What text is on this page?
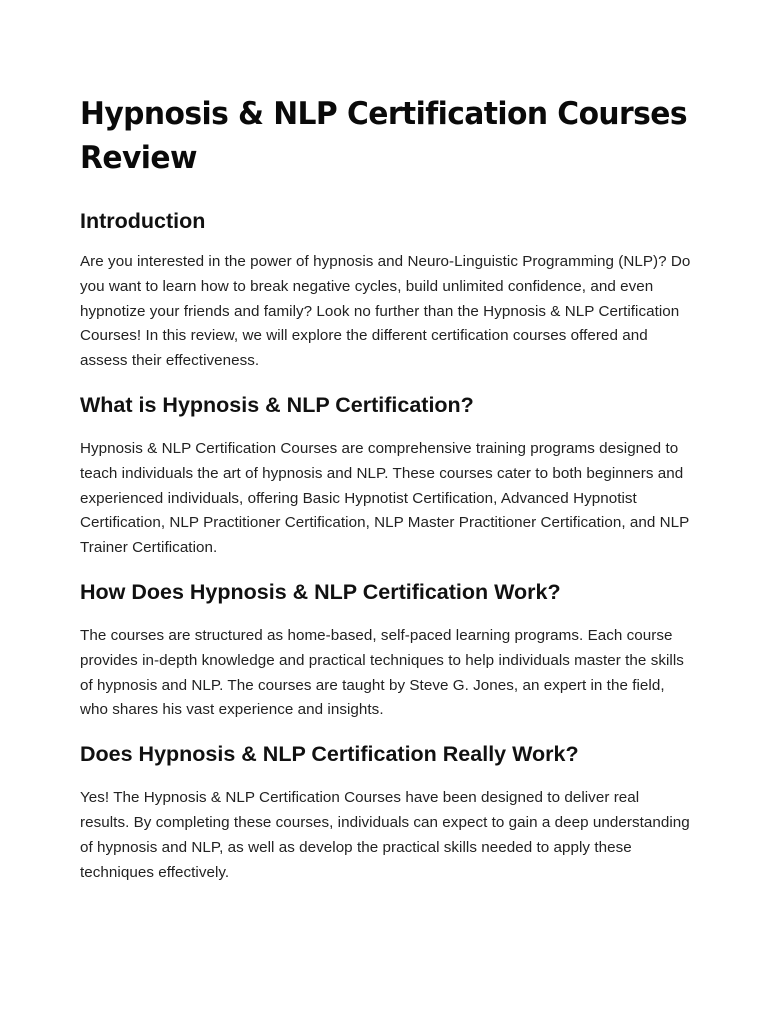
Hypnosis & NLP Certification Courses Review
Introduction

Are you interested in the power of hypnosis and Neuro-Linguistic Programming (NLP)? Do you want to learn how to break negative cycles, build unlimited confidence, and even hypnotize your friends and family? Look no further than the Hypnosis & NLP Certification Courses! In this review, we will explore the different certification courses offered and assess their effectiveness.

What is Hypnosis & NLP Certification?

Hypnosis & NLP Certification Courses are comprehensive training programs designed to teach individuals the art of hypnosis and NLP. These courses cater to both beginners and experienced individuals, offering Basic Hypnotist Certification, Advanced Hypnotist Certification, NLP Practitioner Certification, NLP Master Practitioner Certification, and NLP Trainer Certification.

How Does Hypnosis & NLP Certification Work?

The courses are structured as home-based, self-paced learning programs. Each course provides in-depth knowledge and practical techniques to help individuals master the skills of hypnosis and NLP. The courses are taught by Steve G. Jones, an expert in the field, who shares his vast experience and insights.

Does Hypnosis & NLP Certification Really Work?

Yes! The Hypnosis & NLP Certification Courses have been designed to deliver real results. By completing these courses, individuals can expect to gain a deep understanding of hypnosis and NLP, as well as develop the practical skills needed to apply these techniques effectively.
